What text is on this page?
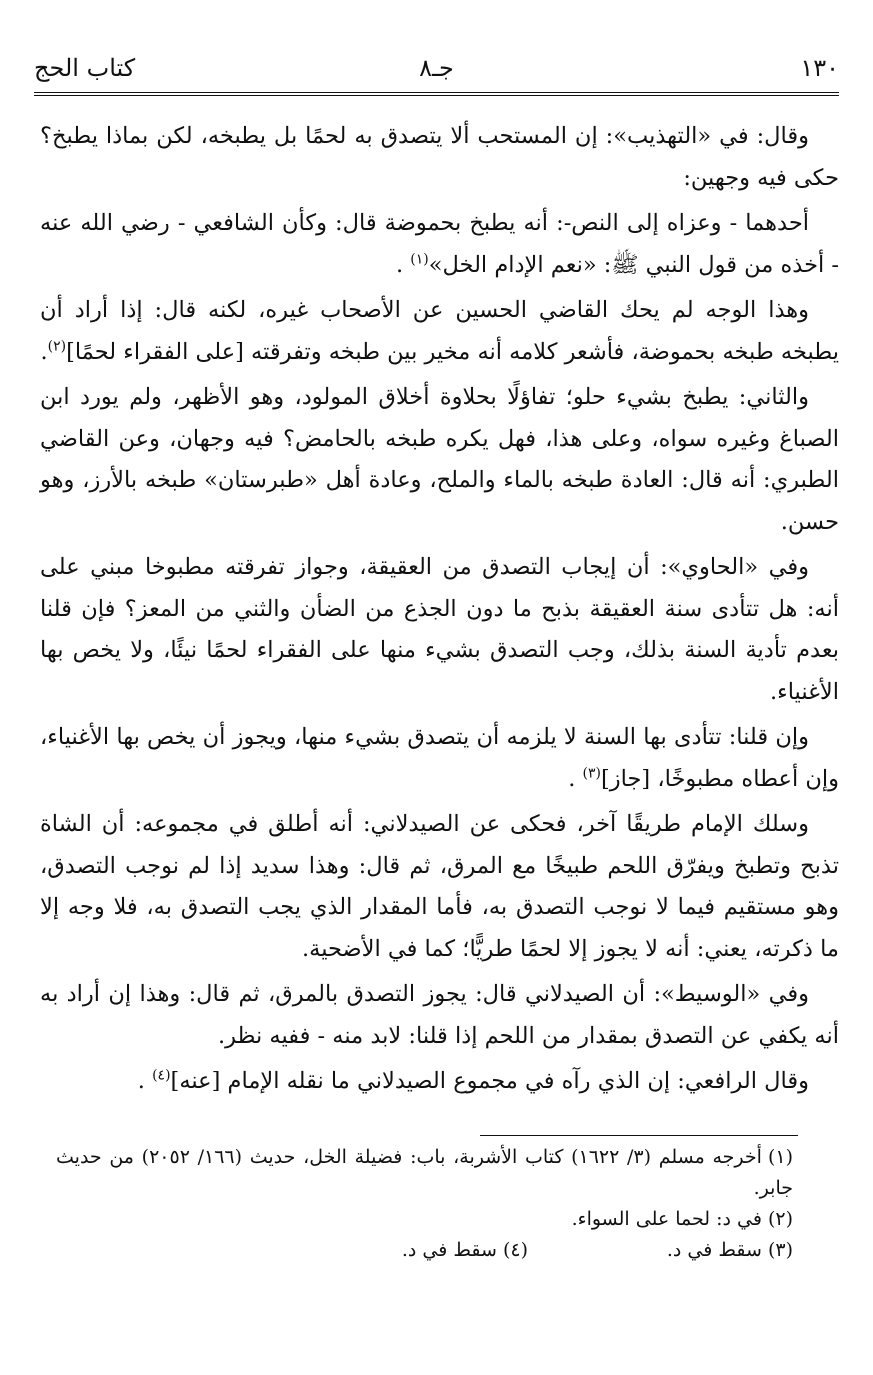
١٣٠
جـ٨
كتاب الحج

وقال: في «التهذيب»: إن المستحب ألا يتصدق به لحمًا بل يطبخه، لكن بماذا يطبخ؟ حكى فيه وجهين:

أحدهما - وعزاه إلى النص-: أنه يطبخ بحموضة قال: وكأن الشافعي - رضي الله عنه - أخذه من قول النبي ﷺ: «نعم الإدام الخل»$^{(١)}$ .

وهذا الوجه لم يحك القاضي الحسين عن الأصحاب غيره، لكنه قال: إذا أراد أن يطبخه طبخه بحموضة، فأشعر كلامه أنه مخير بين طبخه وتفرقته [على الفقراء لحمًا]$^{(٢)}$.

والثاني: يطبخ بشيء حلو؛ تفاؤلًا بحلاوة أخلاق المولود، وهو الأظهر، ولم يورد ابن الصباغ وغيره سواه، وعلى هذا، فهل يكره طبخه بالحامض؟ فيه وجهان، وعن القاضي الطبري: أنه قال: العادة طبخه بالماء والملح، وعادة أهل «طبرستان» طبخه بالأرز، وهو حسن.

وفي «الحاوي»: أن إيجاب التصدق من العقيقة، وجواز تفرقته مطبوخا مبني على أنه: هل تتأدى سنة العقيقة بذبح ما دون الجذع من الضأن والثني من المعز؟ فإن قلنا بعدم تأدية السنة بذلك، وجب التصدق بشيء منها على الفقراء لحمًا نيئًا، ولا يخص بها الأغنياء.

وإن قلنا: تتأدى بها السنة لا يلزمه أن يتصدق بشيء منها، ويجوز أن يخص بها الأغنياء، وإن أعطاه مطبوخًا، [جاز]$^{(٣)}$ .

وسلك الإمام طريقًا آخر، فحكى عن الصيدلاني: أنه أطلق في مجموعه: أن الشاة تذبح وتطبخ ويفرّق اللحم طبيخًا مع المرق، ثم قال: وهذا سديد إذا لم نوجب التصدق، وهو مستقيم فيما لا نوجب التصدق به، فأما المقدار الذي يجب التصدق به، فلا وجه إلا ما ذكرته، يعني: أنه لا يجوز إلا لحمًا طريًّا؛ كما في الأضحية.

وفي «الوسيط»: أن الصيدلاني قال: يجوز التصدق بالمرق، ثم قال: وهذا إن أراد به أنه يكفي عن التصدق بمقدار من اللحم إذا قلنا: لابد منه - ففيه نظر.

وقال الرافعي: إن الذي رآه في مجموع الصيدلاني ما نقله الإمام [عنه]$^{(٤)}$ .

(١)أخرجه مسلم (٣/ ١٦٢٢) كتاب الأشربة، باب: فضيلة الخل، حديث (١٦٦/ ٢٠٥٢) من حديث جابر.

(٢)في د: لحما على السواء.

(٣)سقط في د.

(٤)سقط في د.
